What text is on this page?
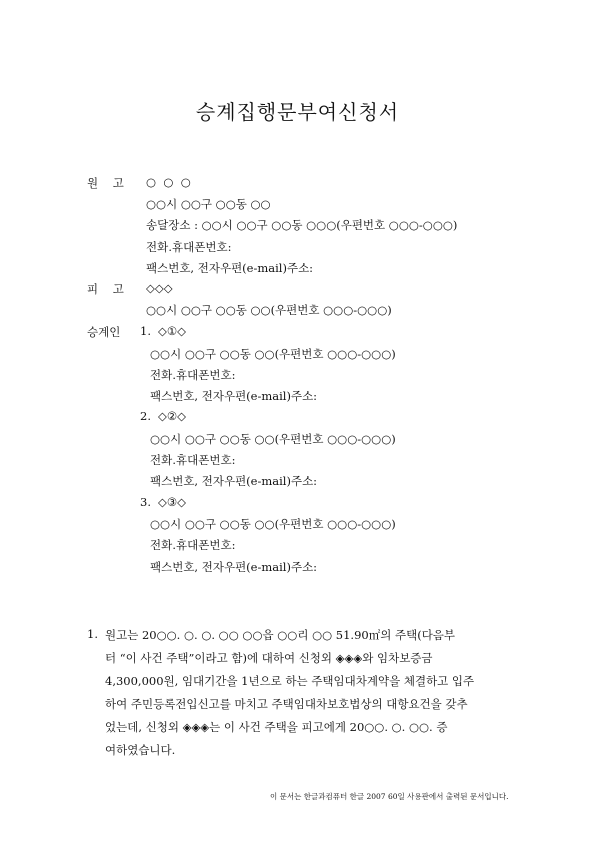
승계집행문부여신청서
원    고 ○  ○  ○
○○시 ○○구 ○○동 ○○
송달장소 : ○○시 ○○구 ○○동 ○○○(우편번호 ○○○-○○○)
전화․휴대폰번호:
팩스번호, 전자우편(e-mail)주소:
피    고 ◇◇◇
○○시 ○○구 ○○동 ○○(우편번호 ○○○-○○○)
승계인 1. ◇①◇
○○시 ○○구 ○○동 ○○(우편번호 ○○○-○○○)
전화․휴대폰번호:
팩스번호, 전자우편(e-mail)주소:
2. ◇②◇
○○시 ○○구 ○○동 ○○(우편번호 ○○○-○○○)
전화․휴대폰번호:
팩스번호, 전자우편(e-mail)주소:
3. ◇③◇
○○시 ○○구 ○○동 ○○(우편번호 ○○○-○○○)
전화․휴대폰번호:
팩스번호, 전자우편(e-mail)주소:
1. 원고는 20○○. ○. ○. ○○ ○○읍 ○○리 ○○ 51.90㎡의 주택(다음부
터 “이 사건 주택”이라고 함)에 대하여 신청외 ◈◈◈와 임차보증금
4,300,000원, 임대기간을 1년으로 하는 주택임대차계약을 체결하고 입주
하여 주민등록전입신고를 마치고 주택임대차보호법상의 대항요건을 갖추
었는데, 신청외 ◈◈◈는 이 사건 주택을 피고에게 20○○. ○. ○○. 증
여하였습니다.
이 문서는 한글과컴퓨터 한글 2007 60일 사용판에서 출력된 문서입니다.
